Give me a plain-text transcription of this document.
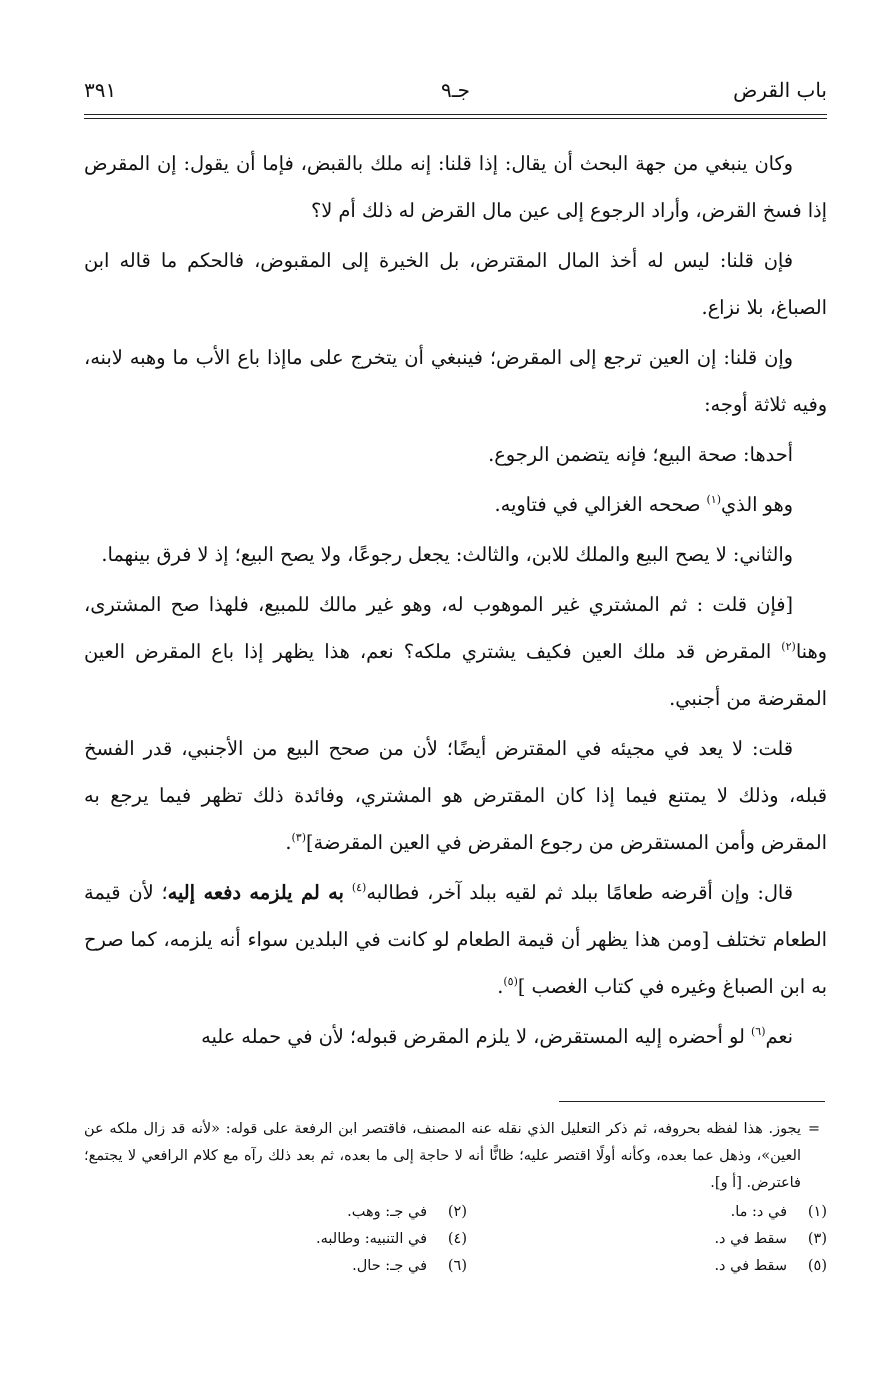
باب القرض
جـ٩
٣٩١

وكان ينبغي من جهة البحث أن يقال: إذا قلنا: إنه ملك بالقبض، فإما أن يقول: إن المقرض إذا فسخ القرض، وأراد الرجوع إلى عين مال القرض له ذلك أم لا؟

فإن قلنا: ليس له أخذ المال المقترض، بل الخيرة إلى المقبوض، فالحكم ما قاله ابن الصباغ، بلا نزاع.

وإن قلنا: إن العين ترجع إلى المقرض؛ فينبغي أن يتخرج على ماإذا باع الأب ما وهبه لابنه، وفيه ثلاثة أوجه:

أحدها: صحة البيع؛ فإنه يتضمن الرجوع.

وهو الذي$^{(١)}$ صححه الغزالي في فتاويه.

والثاني: لا يصح البيع والملك للابن، والثالث: يجعل رجوعًا، ولا يصح البيع؛ إذ لا فرق بينهما.

[فإن قلت : ثم المشتري غير الموهوب له، وهو غير مالك للمبيع، فلهذا صح المشترى، وهنا$^{(٢)}$ المقرض قد ملك العين فكيف يشتري ملكه؟ نعم، هذا يظهر إذا باع المقرض العين المقرضة من أجنبي.

قلت: لا يعد في مجيئه في المقترض أيضًا؛ لأن من صحح البيع من الأجنبي، قدر الفسخ قبله، وذلك لا يمتنع فيما إذا كان المقترض هو المشتري، وفائدة ذلك تظهر فيما يرجع به المقرض وأمن المستقرض من رجوع المقرض في العين المقرضة]$^{(٣)}$.

قال: وإن أقرضه طعامًا ببلد ثم لقيه ببلد آخر، فطالبه$^{(٤)}$ به لم يلزمه دفعه إليه؛ لأن قيمة الطعام تختلف [ومن هذا يظهر أن قيمة الطعام لو كانت في البلدين سواء أنه يلزمه، كما صرح به ابن الصباغ وغيره في كتاب الغصب ]$^{(٥)}$.

نعم$^{(٦)}$ لو أحضره إليه المستقرض، لا يلزم المقرض قبوله؛ لأن في حمله عليه

=
يجوز. هذا لفظه بحروفه، ثم ذكر التعليل الذي نقله عنه المصنف، فاقتصر ابن الرفعة على قوله: «لأنه قد زال ملكه عن العين»، وذهل عما بعده، وكأنه أولًا اقتصر عليه؛ ظانًّا أنه لا حاجة إلى ما بعده، ثم بعد ذلك رآه مع كلام الرافعي لا يجتمع؛ فاعترض. [أ و].
(١)
في د: ما.
(٢)
في جـ: وهب.
(٣)
سقط في د.
(٤)
في التنبيه: وطالبه.
(٥)
سقط في د.
(٦)
في جـ: حال.
